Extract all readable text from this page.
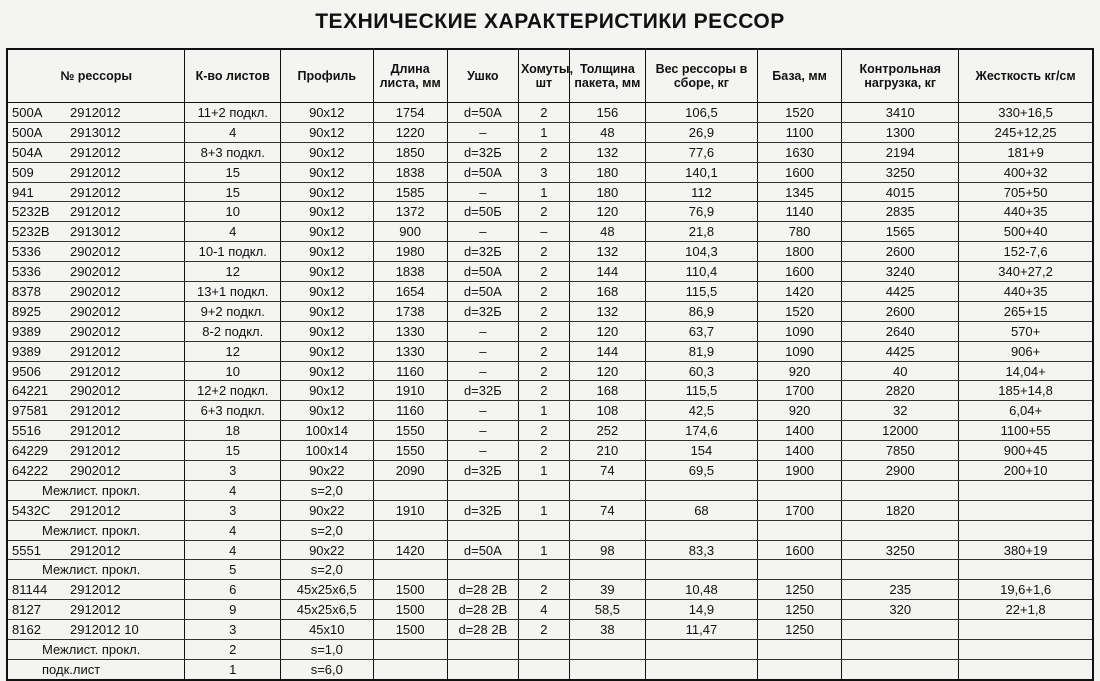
ТЕХНИЧЕСКИЕ ХАРАКТЕРИСТИКИ РЕССОР
№ рессоры	К-во листов	Профиль	Длина листа, мм	Ушко	Хомуты, шт	Толщина пакета, мм	Вес рессоры в сборе, кг	База, мм	Контрольная нагрузка, кг	Жесткость кг/см
500A 2912012	11+2 подкл.	90x12	1754	d=50A	2	156	106,5	1520	3410	330+16,5
500A 2913012	4	90x12	1220	–	1	48	26,9	1100	1300	245+12,25
504A 2912012	8+3 подкл.	90x12	1850	d=32Б	2	132	77,6	1630	2194	181+9
509 2912012	15	90x12	1838	d=50A	3	180	140,1	1600	3250	400+32
941 2912012	15	90x12	1585	–	1	180	112	1345	4015	705+50
5232B 2912012	10	90x12	1372	d=50Б	2	120	76,9	1140	2835	440+35
5232B 2913012	4	90x12	900	–	–	48	21,8	780	1565	500+40
5336 2902012	10-1 подкл.	90x12	1980	d=32Б	2	132	104,3	1800	2600	152-7,6
5336 2902012	12	90x12	1838	d=50A	2	144	110,4	1600	3240	340+27,2
8378 2902012	13+1 подкл.	90x12	1654	d=50A	2	168	115,5	1420	4425	440+35
8925 2902012	9+2 подкл.	90x12	1738	d=32Б	2	132	86,9	1520	2600	265+15
9389 2902012	8-2 подкл.	90x12	1330	–	2	120	63,7	1090	2640	570+
9389 2912012	12	90x12	1330	–	2	144	81,9	1090	4425	906+
9506 2912012	10	90x12	1160	–	2	120	60,3	920	40	14,04+
64221 2902012	12+2 подкл.	90x12	1910	d=32Б	2	168	115,5	1700	2820	185+14,8
97581 2912012	6+3 подкл.	90x12	1160	–	1	108	42,5	920	32	6,04+
5516 2912012	18	100x14	1550	–	2	252	174,6	1400	12000	1100+55
64229 2912012	15	100x14	1550	–	2	210	154	1400	7850	900+45
64222 2902012	3	90x22	2090	d=32Б	1	74	69,5	1900	2900	200+10
Межлист. прокл.	4	s=2,0								
5432C 2912012	3	90x22	1910	d=32Б	1	74	68	1700	1820	
Межлист. прокл.	4	s=2,0								
5551 2912012	4	90x22	1420	d=50A	1	98	83,3	1600	3250	380+19
Межлист. прокл.	5	s=2,0								
81144 2912012	6	45x25x6,5	1500	d=28 2В	2	39	10,48	1250	235	19,6+1,6
8127 2912012	9	45x25x6,5	1500	d=28 2В	4	58,5	14,9	1250	320	22+1,8
8162 2912012 10	3	45x10	1500	d=28 2В	2	38	11,47	1250		
Межлист. прокл.	2	s=1,0								
подк.лист	1	s=6,0								
